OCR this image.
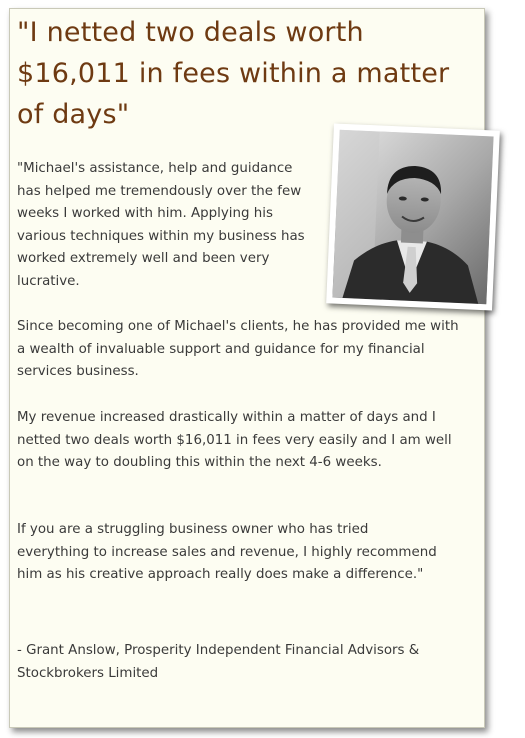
"I netted two deals worth $16,011 in fees within a matter of days"

"Michael's assistance, help and guidance has helped me tremendously over the few weeks I worked with him. Applying his various techniques within my business has worked extremely well and been very lucrative.

Since becoming one of Michael's clients, he has provided me with a wealth of invaluable support and guidance for my financial services business.

My revenue increased drastically within a matter of days and I netted two deals worth $16,011 in fees very easily and I am well on the way to doubling this within the next 4-6 weeks.

If you are a struggling business owner who has tried everything to increase sales and revenue, I highly recommend him as his creative approach really does make a difference."

- Grant Anslow, Prosperity Independent Financial Advisors & Stockbrokers Limited
